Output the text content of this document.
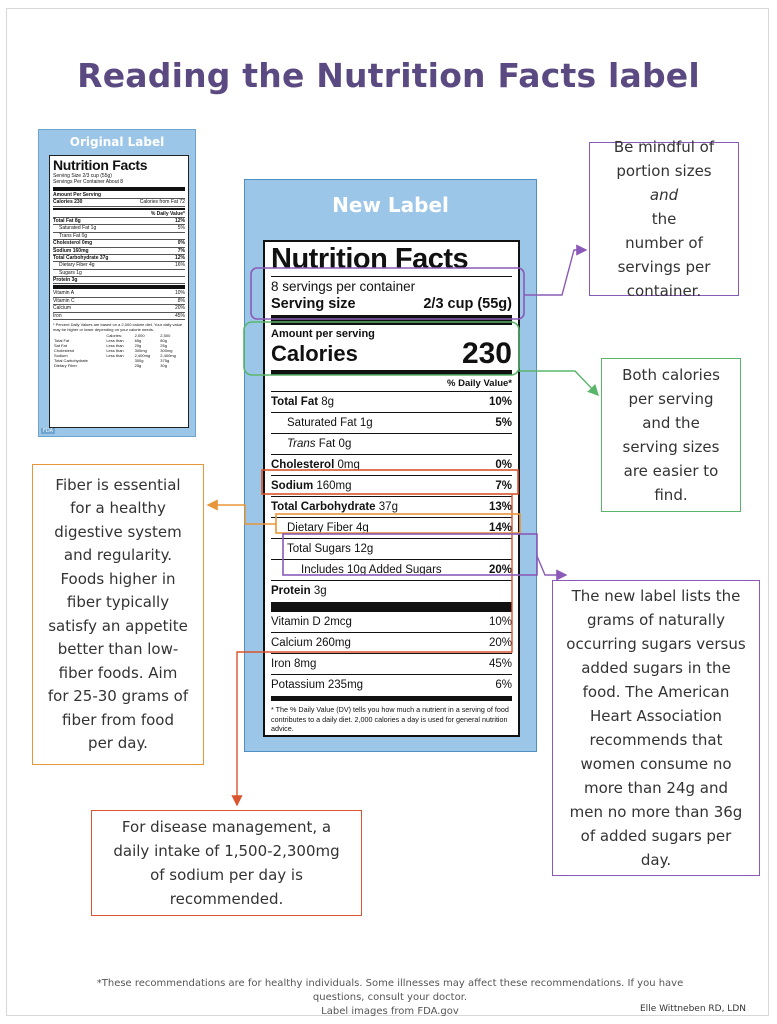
Reading the Nutrition Facts label
Original Label
Nutrition Facts
Serving Size 2/3 cup (55g)
Servings Per Container About 8
Amount Per Serving
Calories 230	Calories from Fat 72
% Daily Value*
Total Fat 8g	12%
Saturated Fat 1g	5%
Trans Fat 0g
Cholesterol 0mg	0%
Sodium 160mg	7%
Total Carbohydrate 37g	12%
Dietary Fiber 4g	16%
Sugars 1g
Protein 3g
Vitamin A	10%
Vitamin C	8%
Calcium	20%
Iron	45%
* Percent Daily Values are based on a 2,000 calorie diet. Your daily value may be higher or lower depending on your calorie needs.
	Calories:	2,000	2,500
Total Fat	Less than	65g	80g
Sat Fat	Less than	20g	25g
Cholesterol	Less than	300mg	300mg
Sodium	Less than	2,400mg	2,400mg
Total Carbohydrate		300g	375g
Dietary Fiber		25g	30g
FDA
New Label
Nutrition Facts
8 servings per container
Serving size	2/3 cup (55g)
Amount per serving
Calories	230
% Daily Value*
Total Fat 8g	10%
Saturated Fat 1g	5%
Trans Fat 0g
Cholesterol 0mg	0%
Sodium 160mg	7%
Total Carbohydrate 37g	13%
Dietary Fiber 4g	14%
Total Sugars 12g
Includes 10g Added Sugars	20%
Protein 3g
Vitamin D 2mcg	10%
Calcium 260mg	20%
Iron 8mg	45%
Potassium 235mg	6%
* The % Daily Value (DV) tells you how much a nutrient in a serving of food contributes to a daily diet. 2,000 calories a day is used for general nutrition advice.
Be mindful of
portion sizes
and
the
number of
servings per
container.
Both calories
per serving
and the
serving sizes
are easier to
find.
Fiber is essential
for a healthy
digestive system
and regularity.
Foods higher in
fiber typically
satisfy an appetite
better than low-
fiber foods. Aim
for 25-30 grams of
fiber from food
per day.
The new label lists the
grams of naturally
occurring sugars versus
added sugars in the
food. The American
Heart Association
recommends that
women consume no
more than 24g and
men no more than 36g
of added sugars per
day.
For disease management, a
daily intake of 1,500-2,300mg
of sodium per day is
recommended.
*These recommendations are for healthy individuals. Some illnesses may affect these recommendations. If you have
questions, consult your doctor.
Label images from FDA.gov	Elle Wittneben RD, LDN
